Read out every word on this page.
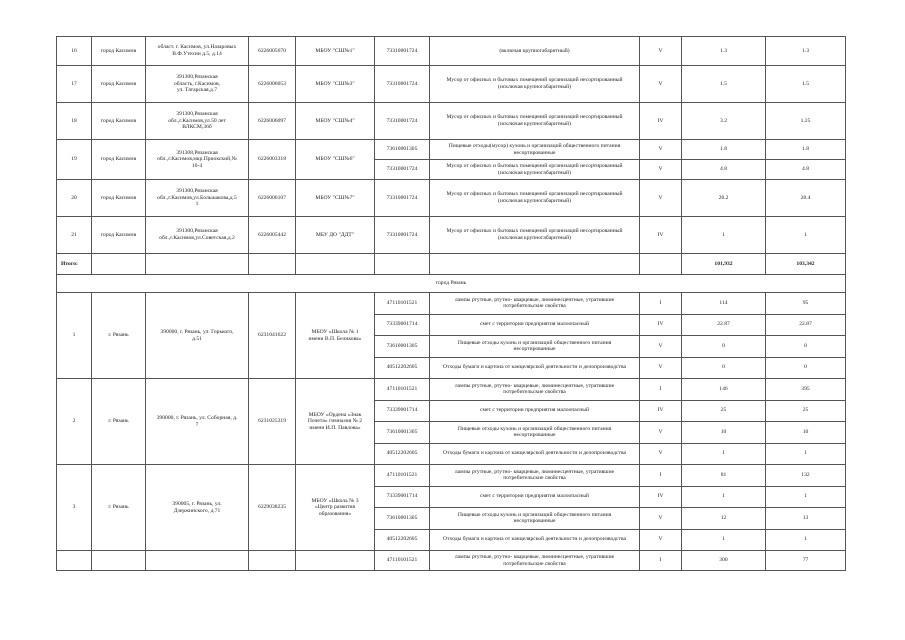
16	город Касимов	област. г. Касимов, ул.Назаровых В.Ф.Утехин д.5, д.14	6226005670	МБОУ "СШ№1"	73310001724	(включая крупногабаритный)	V	1.3	1.3
17	город Касимов	391300,Рязанская
область, г.Касимов,
ул. Татарская,д.7	6226006053	МБОУ "СШ№3"	73310001724	Мусор от офисных и бытовых помещений организаций несортированный
(исключая крупногабаритный)	V	1.5	1.5
18	город Касимов	391300,Рязанская
обл.,г.Касимов,ул.50 лет
ВЛКСМ,36б	6226006097	МБОУ "СШ№4"	73310001724	Мусор от офисных и бытовых помещений организаций несортированный
(исключая крупногабаритный)	IV	3.2	1.25
19	город Касимов	391308,Рязанская
обл.,г.Касимов,мкр.Приокский,№
10-4	6226003318	МБОУ "СШ№6"	73610001305	Пищевые отходы(мусор) кухонь и организаций общественного питания
несортированные	V	1.8	1.8
					73310001724	Мусор от офисных и бытовых помещений организаций несортированный
(исключая крупногабаритный)	V	4.8	4.8
20	город Касимов	391300,Рязанская
обл.,г.Касимов,ул.Большакова,д.5
1	6226006107	МБОУ "СШ№7"	73310001724	Мусор от офисных и бытовых помещений организаций несортированный
(исключая крупногабаритный)	V	28.2	28.4
21	город Касимов	391300,Рязанская
обл.,г.Касимов,ул.Советская,д.2	6226005442	МБУ ДО "ДДТ"	73310001724	Мусор от офисных и бытовых помещений организаций несортированный
(исключая крупногабаритный)	IV	1	1
Итого:								101,932	103,342
город Рязань									
1	г. Рязань	390000, г. Рязань, ул. Горького,
д.51	6231041622	МБОУ «Школа № 1
имени В.П. Беликова»	47110101521	лампы ртутные, ртутно- кварцевые, люминесцентные, утратившие
потребительские свойства	I	114	95
					73339001714	смет с территории предприятия малоопасный	IV	22.87	22.87
					73610001305	Пищевые отходы кухонь и организаций общественного питания
несортированные	V	0	0
					40512202605	Отходы бумаги и картона от канцелярской деятельности и делопроизводства	V	0	0
2	г. Рязань	390000, г. Рязань, ул. Соборная, д.
7	6231025319	МБОУ «Ордена «Знак
Почета» гимназия № 2
имени И.П. Павлова»	47110101521	лампы ртутные, ртутно- кварцевые, люминесцентные, утратившие
потребительские свойства	I	146	395
					73339001714	смет с территории предприятия малоопасный	IV	25	25
					73610001305	Пищевые отходы кухонь и организаций общественного питания
несортированные	V	10	10
					40512202605	Отходы бумаги и картона от канцелярской деятельности и делопроизводства	V	1	1
3	г. Рязань	390005, г. Рязань, ул.
Дзержинского, д.71	6229038235	МБОУ «Школа № 3
«Центр развития
образования»	47110101521	лампы ртутные, ртутно- кварцевые, люминесцентные, утратившие
потребительские свойства	I	81	132
					73339001714	смет с территории предприятия малоопасный	IV	1	1
					73610001305	Пищевые отходы кухонь и организаций общественного питания
несортированные	V	12	13
					40512202605	Отходы бумаги и картона от канцелярской деятельности и делопроизводства	V	1	1
					47110101521	лампы ртутные, ртутно- кварцевые, люминесцентные, утратившие
потребительские свойства	I	300	77
